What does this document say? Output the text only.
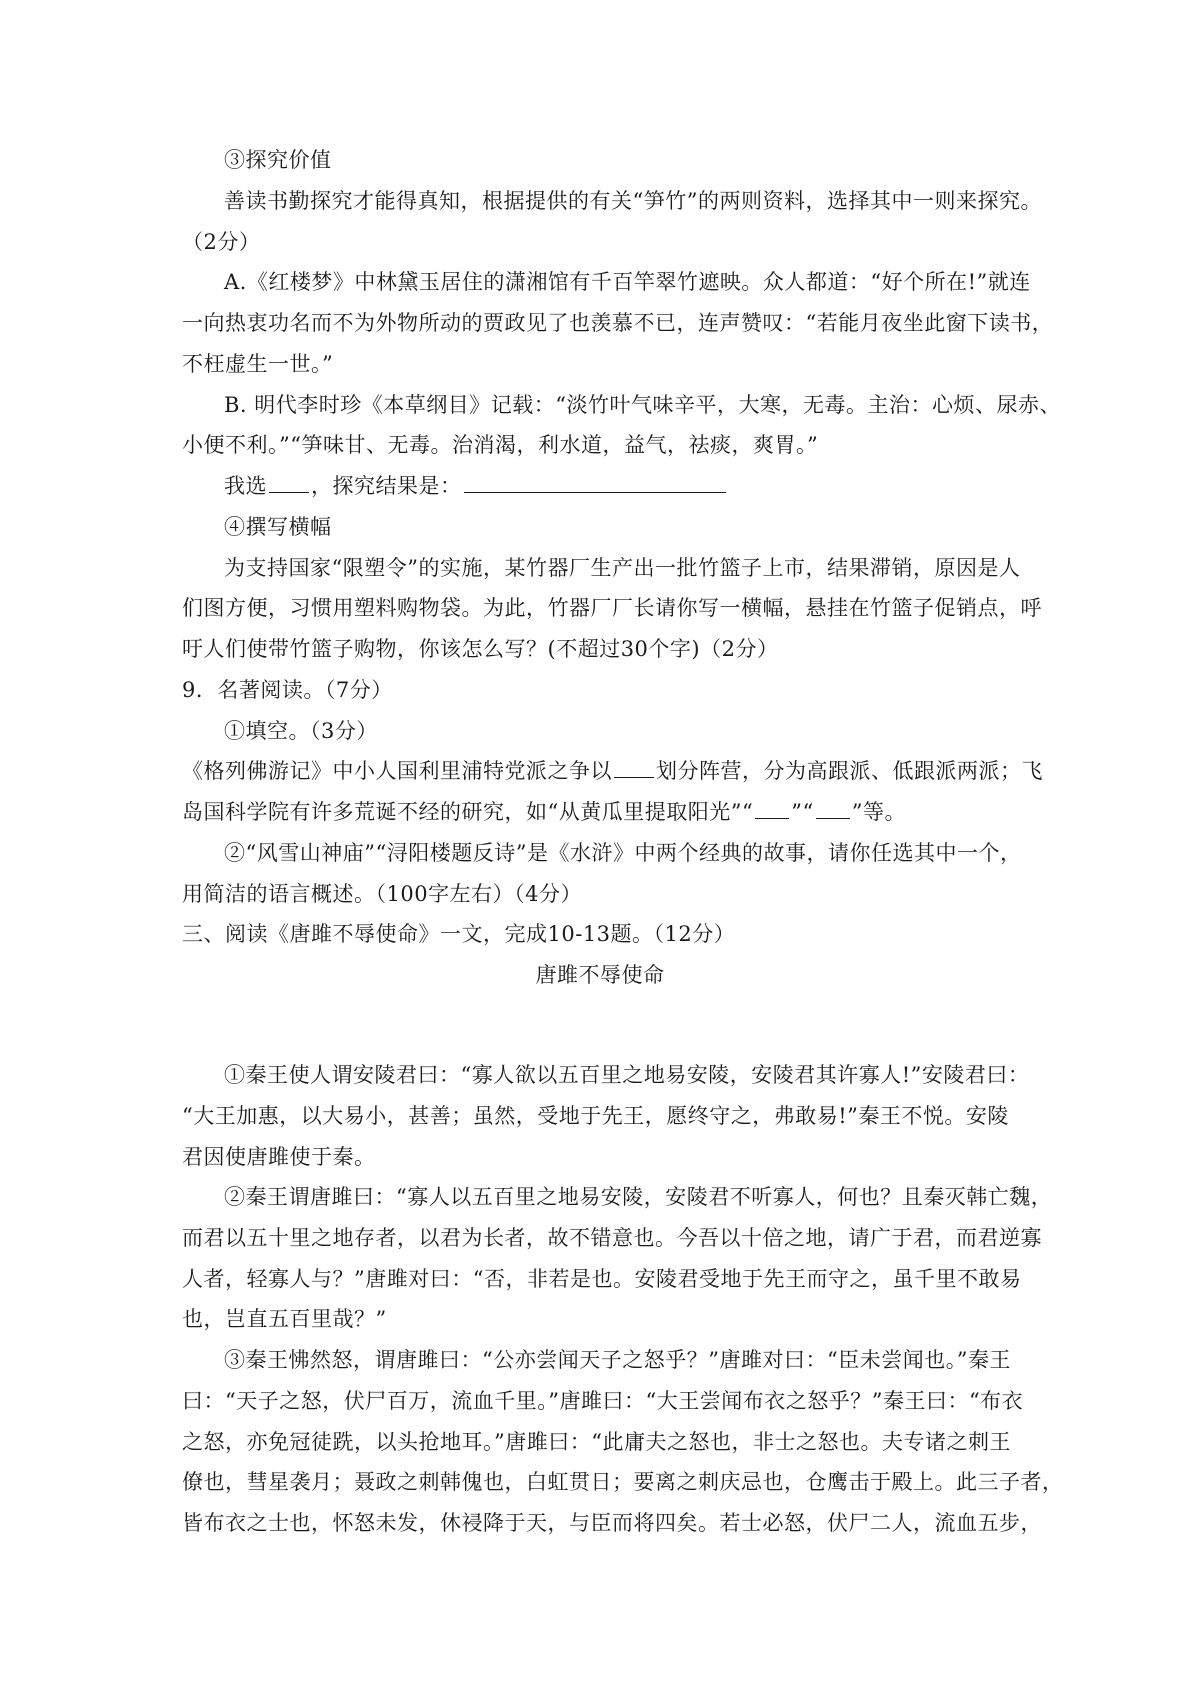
③探究价值
善读书勤探究才能得真知，根据提供的有关“笋竹”的两则资料，选择其中一则来探究。
（2分）
A.《红楼梦》中林黛玉居住的潇湘馆有千百竿翠竹遮映。众人都道：“好个所在!”就连
一向热衷功名而不为外物所动的贾政见了也羡慕不已，连声赞叹：“若能月夜坐此窗下读书，
不枉虚生一世。”
B. 明代李时珍《本草纲目》记载：“淡竹叶气味辛平，大寒，无毒。主治：心烦、尿赤、
小便不利。”“笋味甘、无毒。治消渴，利水道，益气，祛痰，爽胃。”
我选 ，探究结果是：
④撰写横幅
为支持国家“限塑令”的实施，某竹器厂生产出一批竹篮子上市，结果滞销，原因是人
们图方便，习惯用塑料购物袋。为此，竹器厂厂长请你写一横幅，悬挂在竹篮子促销点，呼
吁人们使带竹篮子购物，你该怎么写？(不超过30个字)（2分）
9．名著阅读。（7分）
①填空。（3分）
《格列佛游记》中小人国利里浦特党派之争以 划分阵营，分为高跟派、低跟派两派；飞
岛国科学院有许多荒诞不经的研究，如“从黄瓜里提取阳光”“ ”“ ”等。
②“风雪山神庙”“浔阳楼题反诗”是《水浒》中两个经典的故事，请你任选其中一个，
用简洁的语言概述。（100字左右）（4分）
三、阅读《唐雎不辱使命》一文，完成10-13题。（12分）
唐雎不辱使命
①秦王使人谓安陵君曰：“寡人欲以五百里之地易安陵，安陵君其许寡人!”安陵君曰：
“大王加惠，以大易小，甚善；虽然，受地于先王，愿终守之，弗敢易!”秦王不悦。安陵
君因使唐雎使于秦。
②秦王谓唐雎曰：“寡人以五百里之地易安陵，安陵君不听寡人，何也？且秦灭韩亡魏，
而君以五十里之地存者，以君为长者，故不错意也。今吾以十倍之地，请广于君，而君逆寡
人者，轻寡人与？”唐雎对曰：“否，非若是也。安陵君受地于先王而守之，虽千里不敢易
也，岂直五百里哉？”
③秦王怫然怒，谓唐雎曰：“公亦尝闻天子之怒乎？”唐雎对曰：“臣未尝闻也。”秦王
曰：“天子之怒，伏尸百万，流血千里。”唐雎曰：“大王尝闻布衣之怒乎？”秦王曰：“布衣
之怒，亦免冠徒跣，以头抢地耳。”唐雎曰：“此庸夫之怒也，非士之怒也。夫专诸之刺王
僚也，彗星袭月；聂政之刺韩傀也，白虹贯日；要离之刺庆忌也，仓鹰击于殿上。此三子者，
皆布衣之士也，怀怒未发，休祲降于天，与臣而将四矣。若士必怒，伏尸二人，流血五步，
